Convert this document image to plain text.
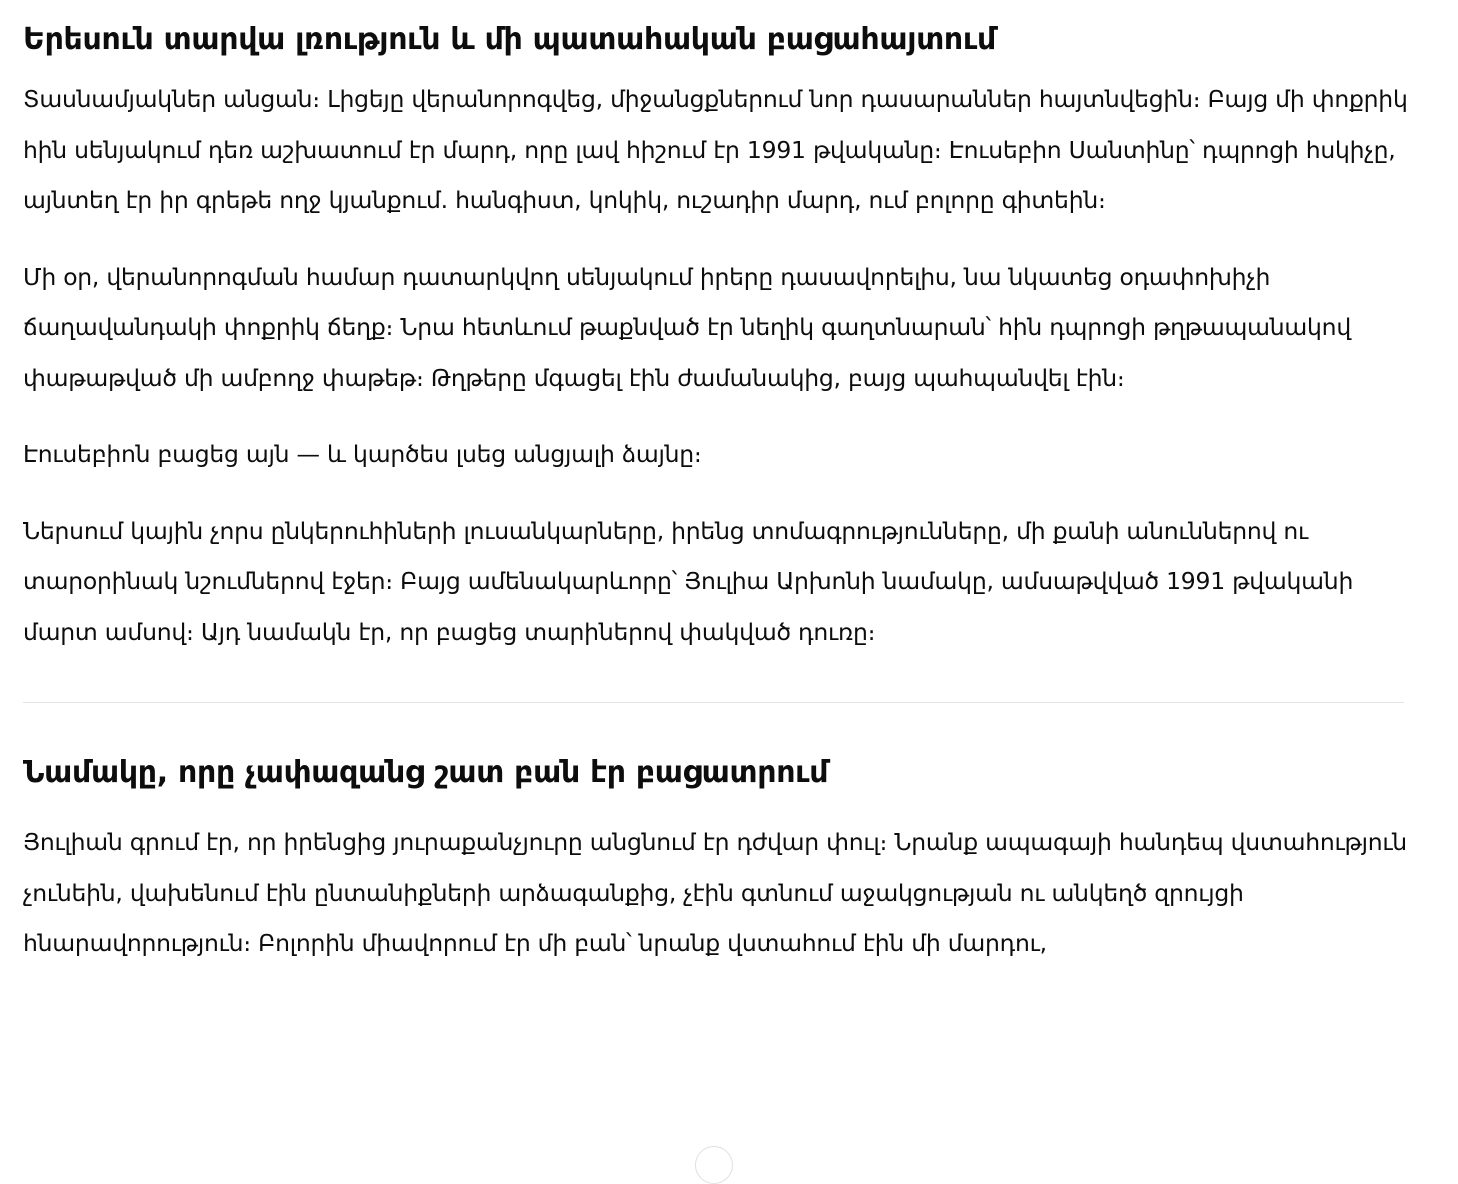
Երեսուն տարվա լռություն և մի պատահական բացահայտում

Տասնամյակներ անցան։ Լիցեյը վերանորոգվեց, միջանցքներում նոր դասարաններ հայտնվեցին։ Բայց մի փոքրիկ հին սենյակում դեռ աշխատում էր մարդ, որը լավ հիշում էր 1991 թվականը։ Էուսեբիո Սանտինը՝ դպրոցի հսկիչը, այնտեղ էր իր գրեթե ողջ կյանքում. հանգիստ, կոկիկ, ուշադիր մարդ, ում բոլորը գիտեին։

Մի օր, վերանորոգման համար դատարկվող սենյակում իրերը դասավորելիս, նա նկատեց օդափոխիչի ճաղավանդակի փոքրիկ ճեղք։ Նրա հետևում թաքնված էր նեղիկ գաղտնարան՝ հին դպրոցի թղթապանակով փաթաթված մի ամբողջ փաթեթ։ Թղթերը մգացել էին ժամանակից, բայց պահպանվել էին։

Էուսեբիոն բացեց այն — և կարծես լսեց անցյալի ձայնը։

Ներսում կային չորս ընկերուհիների լուսանկարները, իրենց տոմագրությունները, մի քանի անուններով ու տարօրինակ նշումներով էջեր։ Բայց ամենակարևորը՝ Յուլիա Արխոնի նամակը, ամսաթվված 1991 թվականի մարտ ամսով։ Այդ նամակն էր, որ բացեց տարիներով փակված դուռը։

Նամակը, որը չափազանց շատ բան էր բացատրում

Յուլիան գրում էր, որ իրենցից յուրաքանչյուրը անցնում էր դժվար փուլ։ Նրանք ապագայի հանդեպ վստահություն չունեին, վախենում էին ընտանիքների արձագանքից, չէին գտնում աջակցության ու անկեղծ զրույցի հնարավորություն։ Բոլորին միավորում էր մի բան՝ նրանք վստահում էին մի մարդու,
